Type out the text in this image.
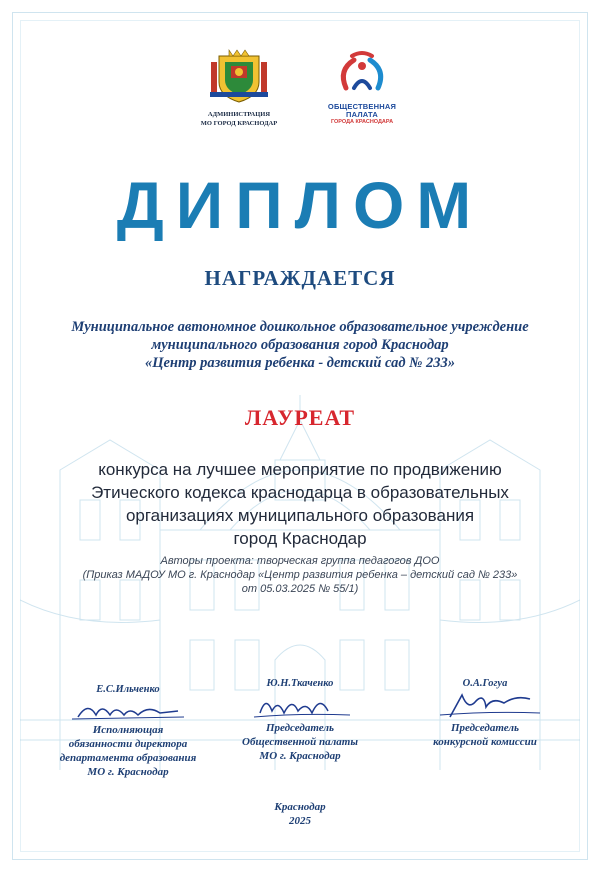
АДМИНИСТРАЦИЯ
МО ГОРОД КРАСНОДАР
ОБЩЕСТВЕННАЯ ПАЛАТА
ГОРОДА КРАСНОДАРА
ДИПЛОМ
НАГРАЖДАЕТСЯ
Муниципальное автономное дошкольное образовательное учреждение
муниципального образования город Краснодар
«Центр развития ребенка - детский сад № 233»
ЛАУРЕАТ
конкурса на лучшее мероприятие по продвижению
Этического кодекса краснодарца в образовательных
организациях муниципального образования
город Краснодар
Авторы проекта: творческая группа педагогов ДОО
(Приказ МАДОУ МО г. Краснодар «Центр развития ребенка – детский сад № 233»
от 05.03.2025 № 55/1)
Е.С.Ильченко
Исполняющая
обязанности директора
департамента образования
МО г. Краснодар
Ю.Н.Ткаченко
Председатель
Общественной палаты
МО г. Краснодар
О.А.Гогуа
Председатель
конкурсной комиссии
Краснодар
2025
